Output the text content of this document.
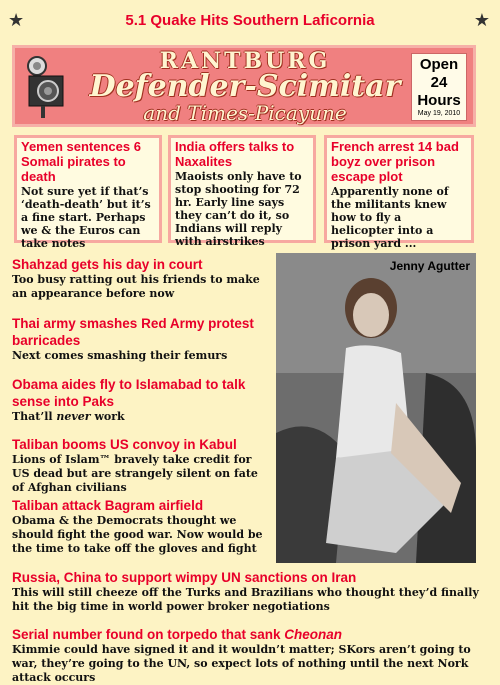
★	★
5.1 Quake Hits Southern Laficornia
RANTBURG
Defender-Scimitar
and Times-Picayune
Open
24
Hours
May 19, 2010
Yemen sentences 6 Somali pirates to death
Not sure yet if that’s ‘death-death’ but it’s a fine start. Perhaps we & the Euros can take notes
India offers talks to Naxalites
Maoists only have to stop shooting for 72 hr. Early line says they can’t do it, so Indians will reply with airstrikes
French arrest 14 bad boyz over prison escape plot
Apparently none of the militants knew how to fly a helicopter into a prison yard ...
Shahzad gets his day in court
Too busy ratting out his friends to make an appearance before now
Thai army smashes Red Army protest barricades
Next comes smashing their femurs
Obama aides fly to Islamabad to talk sense into Paks
That’ll never work
Taliban booms US convoy in Kabul
Lions of Islam™ bravely take credit for US dead but are strangely silent on fate of Afghan civilians
Taliban attack Bagram airfield
Obama & the Democrats thought we should fight the good war. Now would be the time to take off the gloves and fight
Russia, China to support wimpy UN sanctions on Iran
This will still cheeze off the Turks and Brazilians who thought they’d finally hit the big time in world power broker negotiations
Serial number found on torpedo that sank Cheonan
Kimmie could have signed it and it wouldn’t matter; SKors aren’t going to war, they’re going to the UN, so expect lots of nothing until the next Nork attack occurs
Jenny Agutter
